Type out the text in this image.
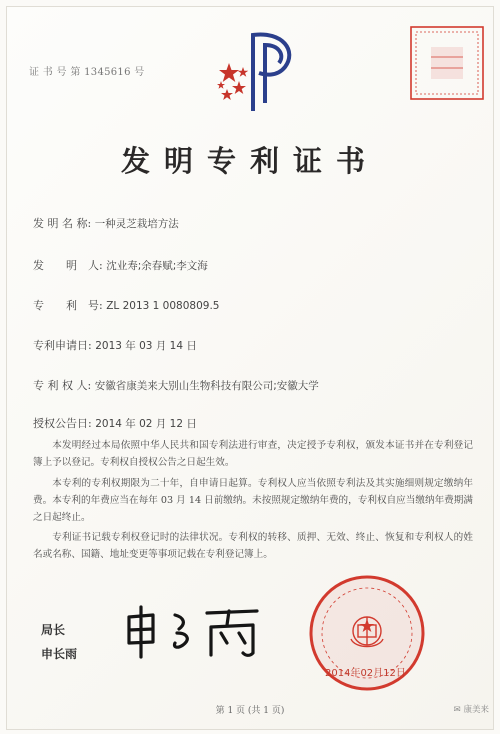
证 书 号 第 1345616 号
发明专利证书
发 明 名 称: 一种灵芝栽培方法
发　　明　人: 沈业寿;余春赋;李文海
专　　利　号: ZL 2013 1 0080809.5
专利申请日: 2013 年 03 月 14 日
专 利 权 人: 安徽省康美来大别山生物科技有限公司;安徽大学
授权公告日: 2014 年 02 月 12 日
本发明经过本局依照中华人民共和国专利法进行审查，决定授予专利权，颁发本证书并在专利登记簿上予以登记。专利权自授权公告之日起生效。
本专利的专利权期限为二十年，自申请日起算。专利权人应当依照专利法及其实施细则规定缴纳年费。本专利的年费应当在每年 03 月 14 日前缴纳。未按照规定缴纳年费的，专利权自应当缴纳年费期满之日起终止。
专利证书记载专利权登记时的法律状况。专利权的转移、质押、无效、终止、恢复和专利权人的姓名或名称、国籍、地址变更等事项记载在专利登记簿上。
局长
申长雨
2014年02月12日
第 1 页 (共 1 页)	✉ 康美来
